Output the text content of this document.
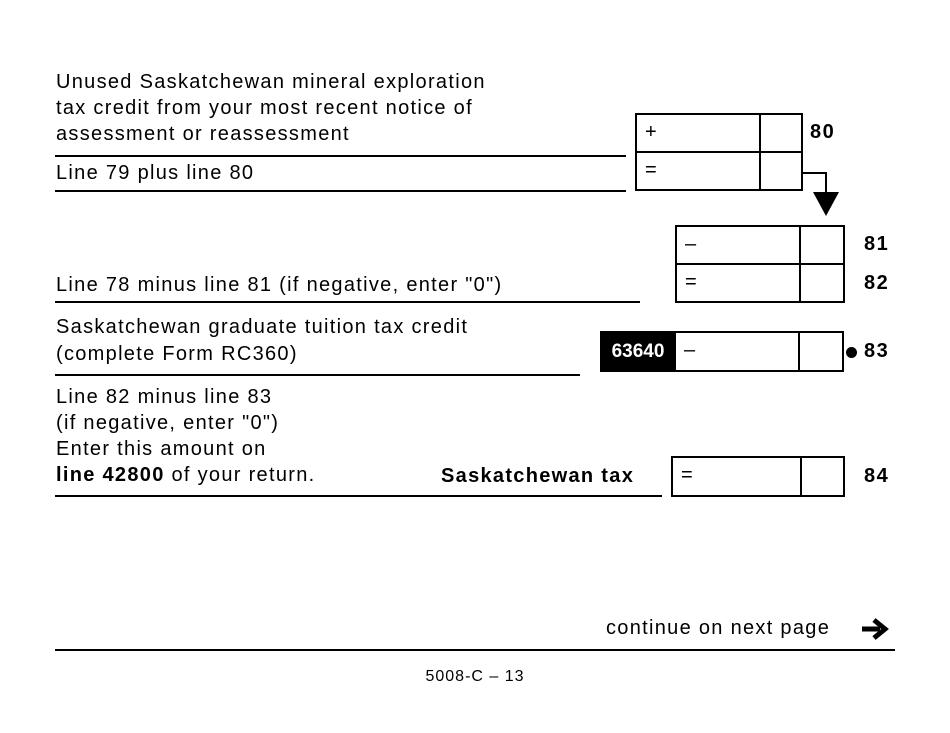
Unused Saskatchewan mineral exploration
tax credit from your most recent notice of
assessment or reassessment	+	80
Line 79 plus line 80	=
–	81
Line 78 minus line 81 (if negative, enter "0")	=	82
Saskatchewan graduate tuition tax credit
(complete Form RC360)	63640 –	83
Line 82 minus line 83
(if negative, enter "0")
Enter this amount on
line 42800 of your return.	Saskatchewan tax =	84
continue on next page
5008-C – 13
